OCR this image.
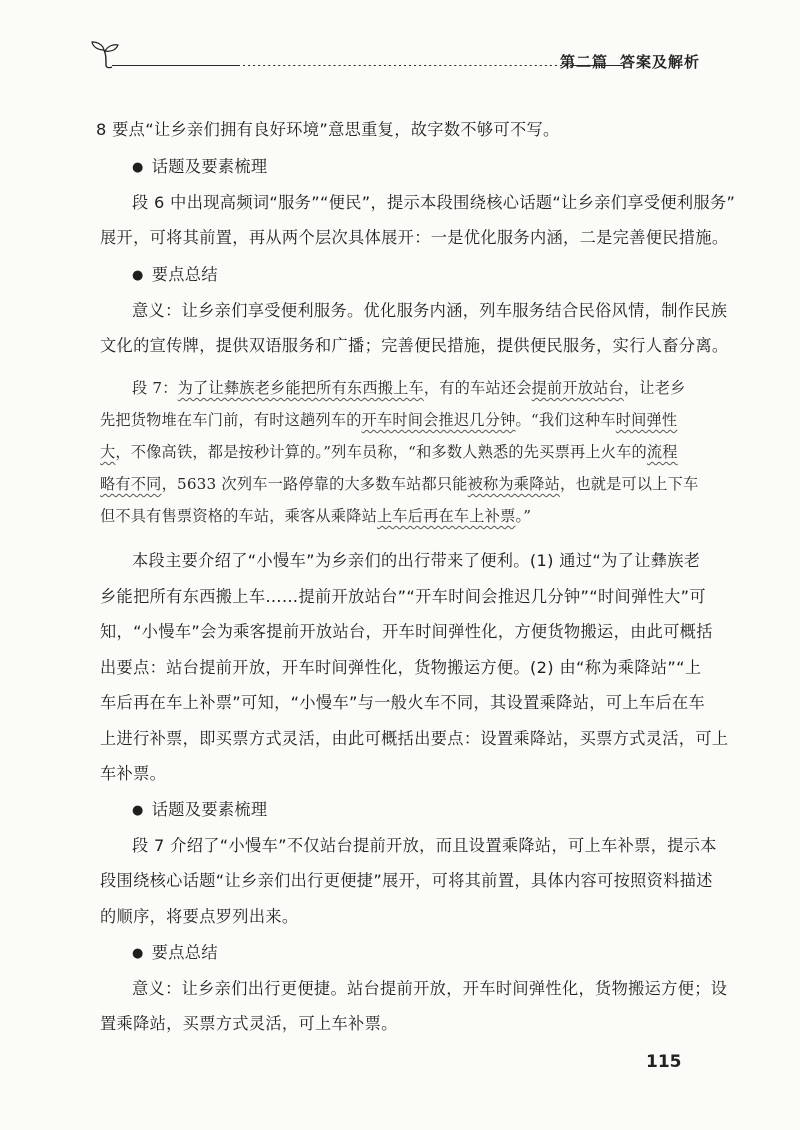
第二篇 答案及解析
8 要点“让乡亲们拥有良好环境”意思重复，故字数不够可不写。
● 话题及要素梳理
段 6 中出现高频词“服务”“便民”，提示本段围绕核心话题“让乡亲们享受便利服务”
展开，可将其前置，再从两个层次具体展开：一是优化服务内涵，二是完善便民措施。
● 要点总结
意义：让乡亲们享受便利服务。优化服务内涵，列车服务结合民俗风情，制作民族
文化的宣传牌，提供双语服务和广播；完善便民措施，提供便民服务，实行人畜分离。
段 7：为了让彝族老乡能把所有东西搬上车，有的车站还会提前开放站台，让老乡
先把货物堆在车门前，有时这趟列车的开车时间会推迟几分钟。“我们这种车时间弹性
大，不像高铁，都是按秒计算的。”列车员称，“和多数人熟悉的先买票再上火车的流程
略有不同，5633 次列车一路停靠的大多数车站都只能被称为乘降站，也就是可以上下车
但不具有售票资格的车站，乘客从乘降站上车后再在车上补票。”
本段主要介绍了“小慢车”为乡亲们的出行带来了便利。(1) 通过“为了让彝族老
乡能把所有东西搬上车……提前开放站台”“开车时间会推迟几分钟”“时间弹性大”可
知，“小慢车”会为乘客提前开放站台，开车时间弹性化，方便货物搬运，由此可概括
出要点：站台提前开放，开车时间弹性化，货物搬运方便。(2) 由“称为乘降站”“上
车后再在车上补票”可知，“小慢车”与一般火车不同，其设置乘降站，可上车后在车
上进行补票，即买票方式灵活，由此可概括出要点：设置乘降站，买票方式灵活，可上
车补票。
● 话题及要素梳理
段 7 介绍了“小慢车”不仅站台提前开放，而且设置乘降站，可上车补票，提示本
段围绕核心话题“让乡亲们出行更便捷”展开，可将其前置，具体内容可按照资料描述
的顺序，将要点罗列出来。
● 要点总结
意义：让乡亲们出行更便捷。站台提前开放，开车时间弹性化，货物搬运方便；设
置乘降站，买票方式灵活，可上车补票。
115
